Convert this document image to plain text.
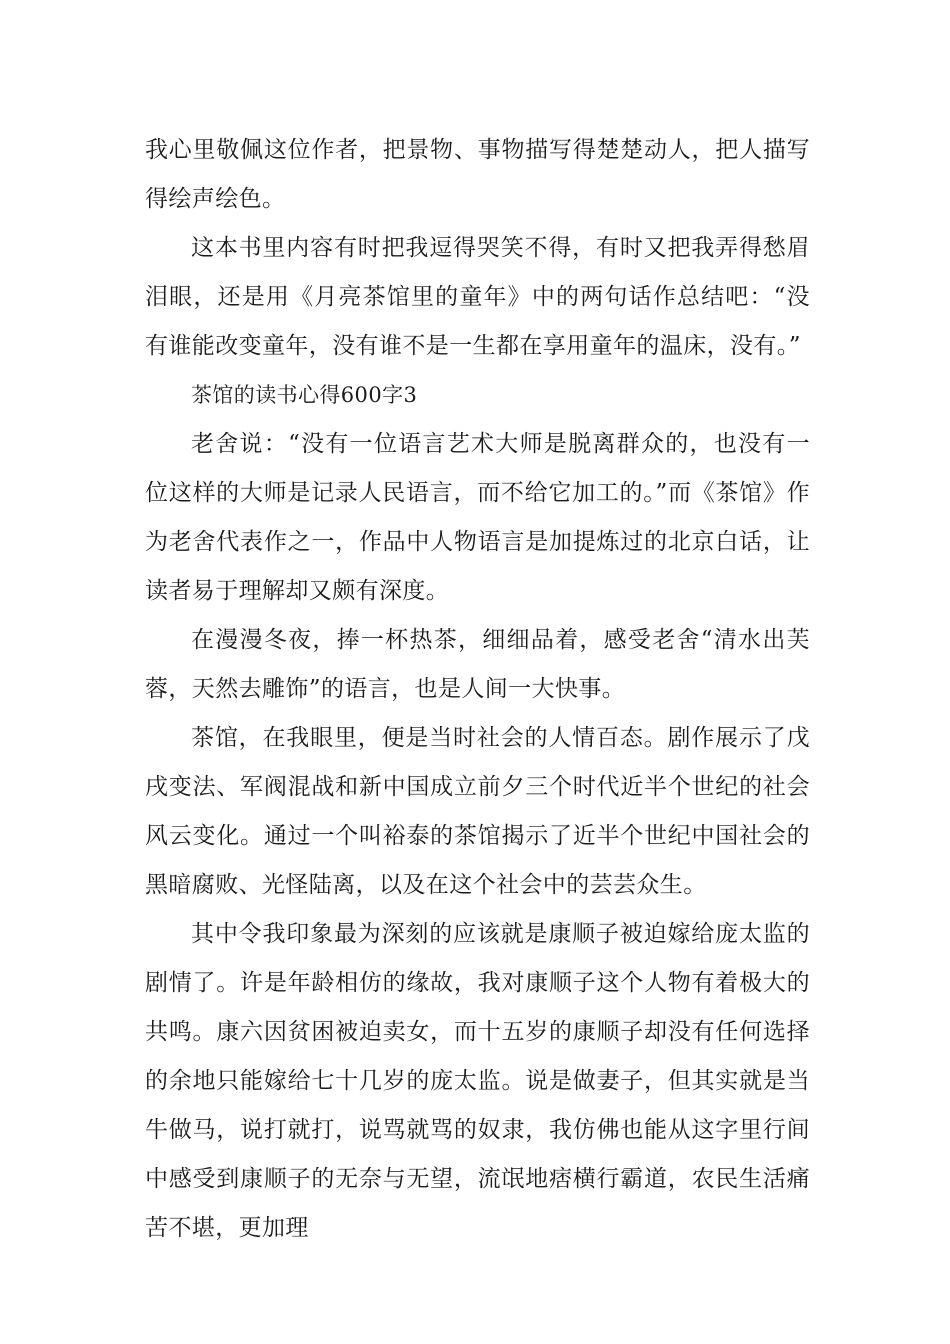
我心里敬佩这位作者，把景物、事物描写得楚楚动人，把人描写得绘声绘色。

这本书里内容有时把我逗得哭笑不得，有时又把我弄得愁眉泪眼，还是用《月亮茶馆里的童年》中的两句话作总结吧：“没有谁能改变童年，没有谁不是一生都在享用童年的温床，没有。”

茶馆的读书心得600字3

老舍说：“没有一位语言艺术大师是脱离群众的，也没有一位这样的大师是记录人民语言，而不给它加工的。”而《茶馆》作为老舍代表作之一，作品中人物语言是加提炼过的北京白话，让读者易于理解却又颇有深度。

在漫漫冬夜，捧一杯热茶，细细品着，感受老舍“清水出芙蓉，天然去雕饰”的语言，也是人间一大快事。

茶馆，在我眼里，便是当时社会的人情百态。剧作展示了戊戌变法、军阀混战和新中国成立前夕三个时代近半个世纪的社会风云变化。通过一个叫裕泰的茶馆揭示了近半个世纪中国社会的黑暗腐败、光怪陆离，以及在这个社会中的芸芸众生。

其中令我印象最为深刻的应该就是康顺子被迫嫁给庞太监的剧情了。许是年龄相仿的缘故，我对康顺子这个人物有着极大的共鸣。康六因贫困被迫卖女，而十五岁的康顺子却没有任何选择的余地只能嫁给七十几岁的庞太监。说是做妻子，但其实就是当牛做马，说打就打，说骂就骂的奴隶，我仿佛也能从这字里行间中感受到康顺子的无奈与无望，流氓地痞横行霸道，农民生活痛苦不堪，更加理
